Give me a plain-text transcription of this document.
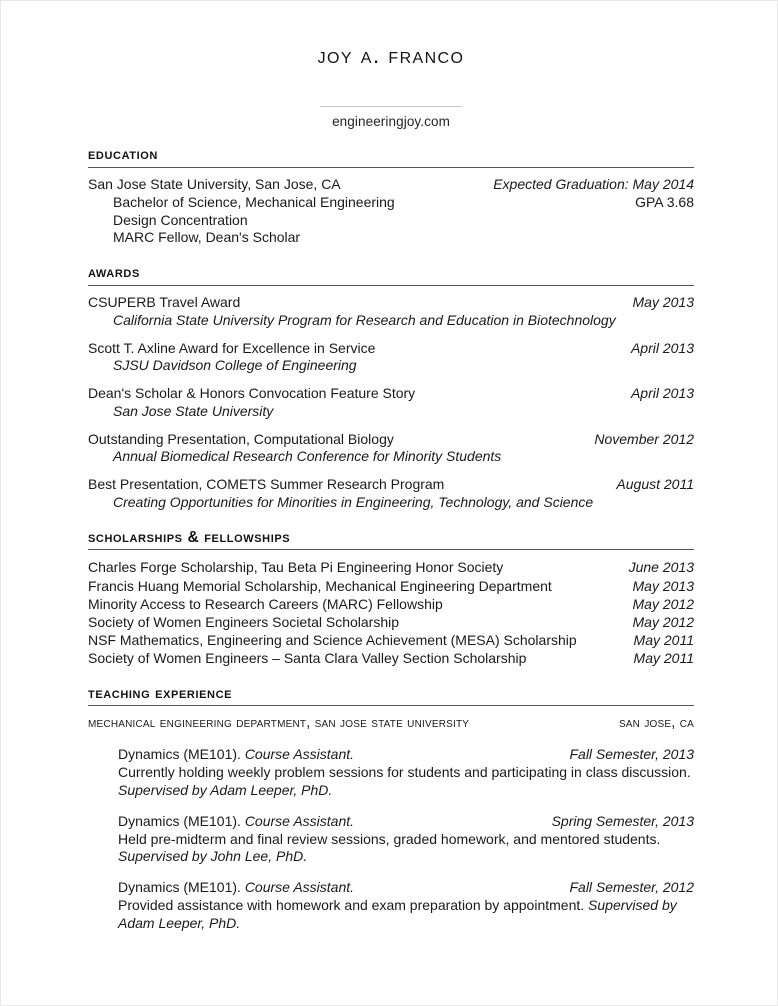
joy a. franco
engineeringjoy.com
education
San Jose State University, San Jose, CA	Expected Graduation: May 2014
Bachelor of Science, Mechanical Engineering	GPA 3.68
Design Concentration
MARC Fellow, Dean's Scholar
awards
CSUPERB Travel Award	May 2013
California State University Program for Research and Education in Biotechnology
Scott T. Axline Award for Excellence in Service	April 2013
SJSU Davidson College of Engineering
Dean's Scholar & Honors Convocation Feature Story	April 2013
San Jose State University
Outstanding Presentation, Computational Biology	November 2012
Annual Biomedical Research Conference for Minority Students
Best Presentation, COMETS Summer Research Program	August 2011
Creating Opportunities for Minorities in Engineering, Technology, and Science
scholarships & fellowships
Charles Forge Scholarship, Tau Beta Pi Engineering Honor Society	June 2013
Francis Huang Memorial Scholarship, Mechanical Engineering Department	May 2013
Minority Access to Research Careers (MARC) Fellowship	May 2012
Society of Women Engineers Societal Scholarship	May 2012
NSF Mathematics, Engineering and Science Achievement (MESA) Scholarship	May 2011
Society of Women Engineers – Santa Clara Valley Section Scholarship	May 2011
teaching experience
mechanical engineering department, san jose state university	san jose, ca
Dynamics (ME101). Course Assistant.	Fall Semester, 2013
Currently holding weekly problem sessions for students and participating in class discussion. Supervised by Adam Leeper, PhD.
Dynamics (ME101). Course Assistant.	Spring Semester, 2013
Held pre-midterm and final review sessions, graded homework, and mentored students. Supervised by John Lee, PhD.
Dynamics (ME101). Course Assistant.	Fall Semester, 2012
Provided assistance with homework and exam preparation by appointment. Supervised by Adam Leeper, PhD.
